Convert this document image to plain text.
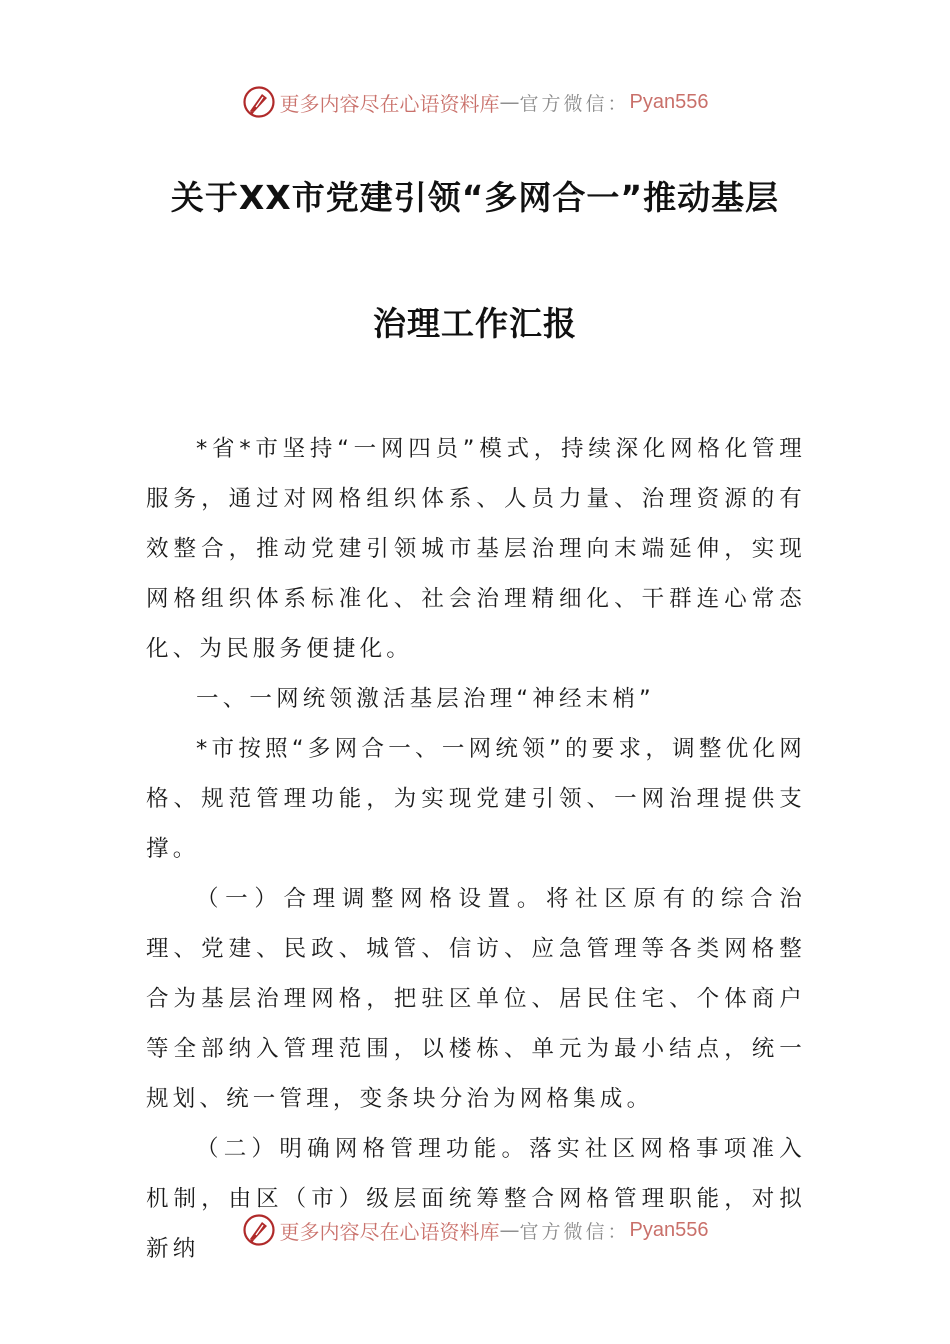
更多内容尽在心语资料库 — 官方微信： Pyan556
关于XX市党建引领“多网合一”推动基层
治理工作汇报

*省*市坚持“一网四员”模式，持续深化网格化管理服务，通过对网格组织体系、人员力量、治理资源的有效整合，推动党建引领城市基层治理向末端延伸，实现网格组织体系标准化、社会治理精细化、干群连心常态化、为民服务便捷化。

一、一网统领激活基层治理“神经末梢”

*市按照“多网合一、一网统领”的要求，调整优化网格、规范管理功能，为实现党建引领、一网治理提供支撑。

（一）合理调整网格设置。将社区原有的综合治理、党建、民政、城管、信访、应急管理等各类网格整合为基层治理网格，把驻区单位、居民住宅、个体商户等全部纳入管理范围，以楼栋、单元为最小结点，统一规划、统一管理，变条块分治为网格集成。

（二）明确网格管理功能。落实社区网格事项准入机制，由区（市）级层面统筹整合网格管理职能，对拟新纳

更多内容尽在心语资料库 — 官方微信： Pyan556
